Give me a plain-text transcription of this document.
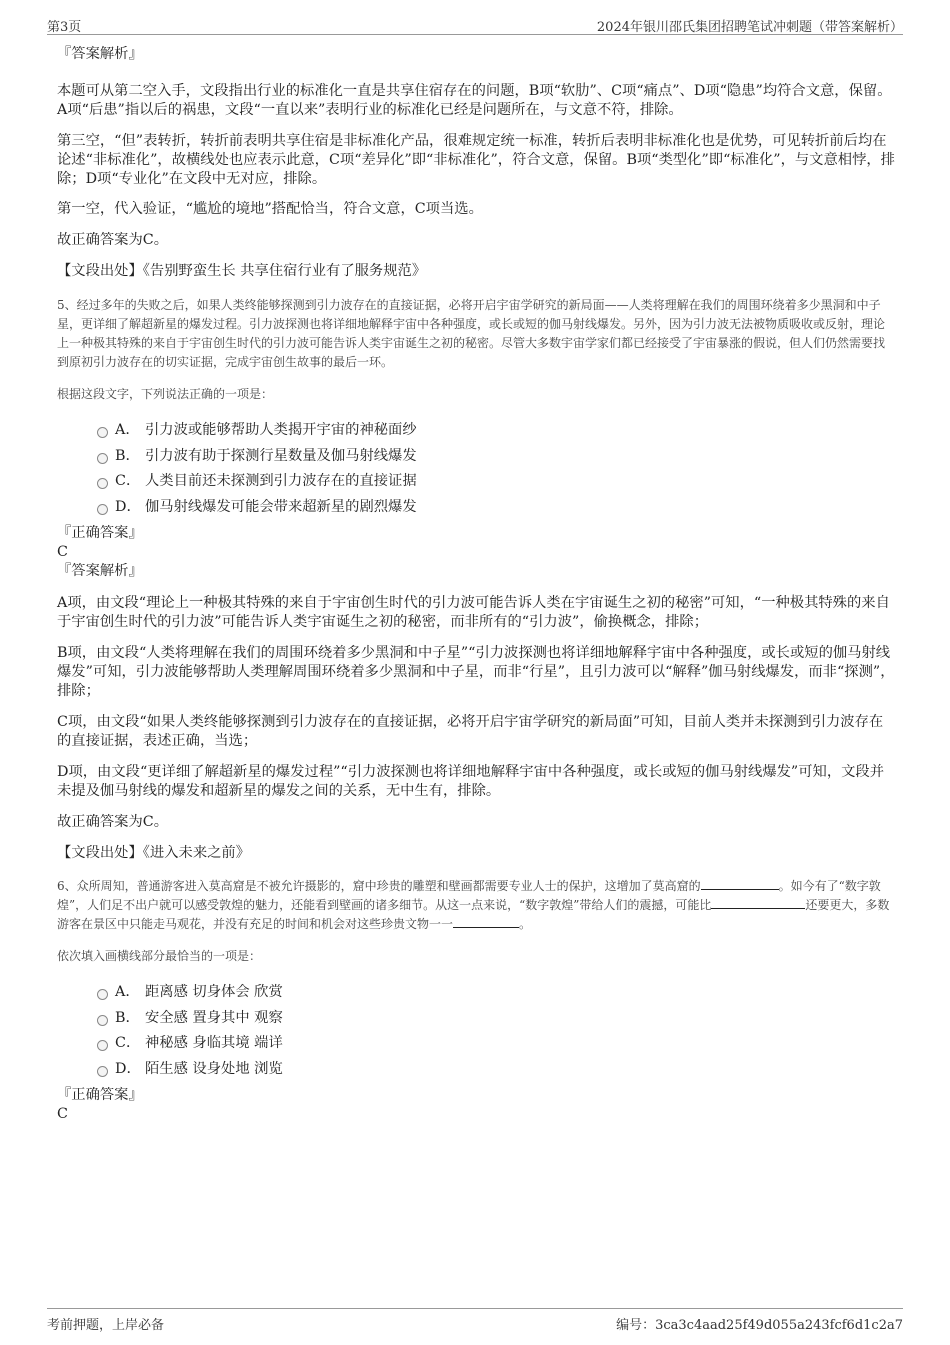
第3页	2024年银川邵氏集团招聘笔试冲刺题（带答案解析）

『答案解析』

本题可从第二空入手，文段指出行业的标准化一直是共享住宿存在的问题，B项“软肋”、C项“痛点”、D项“隐患”均符合文意，保留。A项“后患”指以后的祸患，文段“一直以来”表明行业的标准化已经是问题所在，与文意不符，排除。

第三空，“但”表转折，转折前表明共享住宿是非标准化产品，很难规定统一标准，转折后表明非标准化也是优势，可见转折前后均在论述“非标准化”，故横线处也应表示此意，C项“差异化”即“非标准化”，符合文意，保留。B项“类型化”即“标准化”，与文意相悖，排除；D项“专业化”在文段中无对应，排除。

第一空，代入验证，“尴尬的境地”搭配恰当，符合文意，C项当选。

故正确答案为C。

【文段出处】《告别野蛮生长 共享住宿行业有了服务规范》

5、经过多年的失败之后，如果人类终能够探测到引力波存在的直接证据，必将开启宇宙学研究的新局面——人类将理解在我们的周围环绕着多少黑洞和中子星，更详细了解超新星的爆发过程。引力波探测也将详细地解释宇宙中各种强度，或长或短的伽马射线爆发。另外，因为引力波无法被物质吸收或反射，理论上一种极其特殊的来自于宇宙创生时代的引力波可能告诉人类宇宙诞生之初的秘密。尽管大多数宇宙学家们都已经接受了宇宙暴涨的假说，但人们仍然需要找到原初引力波存在的切实证据，完成宇宙创生故事的最后一环。

根据这段文字，下列说法正确的一项是：

A． 引力波或能够帮助人类揭开宇宙的神秘面纱
B． 引力波有助于探测行星数量及伽马射线爆发
C． 人类目前还未探测到引力波存在的直接证据
D． 伽马射线爆发可能会带来超新星的剧烈爆发

『正确答案』

C

『答案解析』

A项，由文段“理论上一种极其特殊的来自于宇宙创生时代的引力波可能告诉人类在宇宙诞生之初的秘密”可知，“一种极其特殊的来自于宇宙创生时代的引力波”可能告诉人类宇宙诞生之初的秘密，而非所有的“引力波”，偷换概念，排除；

B项，由文段“人类将理解在我们的周围环绕着多少黑洞和中子星”“引力波探测也将详细地解释宇宙中各种强度，或长或短的伽马射线爆发”可知，引力波能够帮助人类理解周围环绕着多少黑洞和中子星，而非“行星”，且引力波可以“解释”伽马射线爆发，而非“探测”，排除；

C项，由文段“如果人类终能够探测到引力波存在的直接证据，必将开启宇宙学研究的新局面”可知，目前人类并未探测到引力波存在的直接证据，表述正确，当选；

D项，由文段“更详细了解超新星的爆发过程”“引力波探测也将详细地解释宇宙中各种强度，或长或短的伽马射线爆发”可知，文段并未提及伽马射线的爆发和超新星的爆发之间的关系，无中生有，排除。

故正确答案为C。

【文段出处】《进入未来之前》

6、众所周知，普通游客进入莫高窟是不被允许摄影的，窟中珍贵的雕塑和壁画都需要专业人士的保护，这增加了莫高窟的	。如今有了“数字敦煌”，人们足不出户就可以感受敦煌的魅力，还能看到壁画的诸多细节。从这一点来说，“数字敦煌”带给人们的震撼，可能比	还要更大，多数游客在景区中只能走马观花，并没有充足的时间和机会对这些珍贵文物一一	。

依次填入画横线部分最恰当的一项是：

A． 距离感 切身体会 欣赏
B． 安全感 置身其中 观察
C． 神秘感 身临其境 端详
D． 陌生感 设身处地 浏览

『正确答案』

C

考前押题，上岸必备	编号：3ca3c4aad25f49d055a243fcf6d1c2a7
